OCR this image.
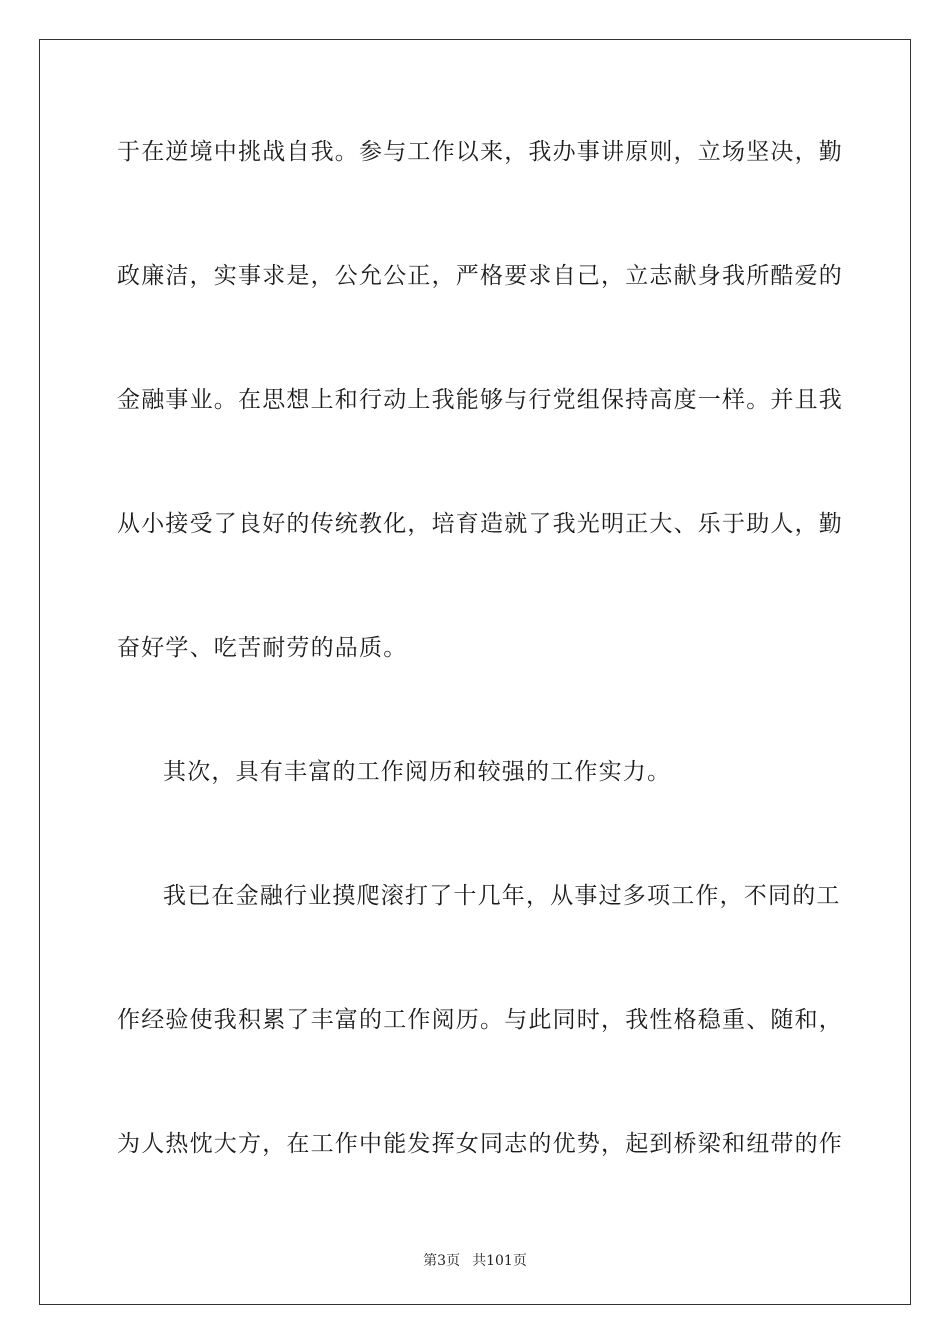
于在逆境中挑战自我。参与工作以来，我办事讲原则，立场坚决，勤
政廉洁，实事求是，公允公正，严格要求自己，立志献身我所酷爱的
金融事业。在思想上和行动上我能够与行党组保持高度一样。并且我
从小接受了良好的传统教化，培育造就了我光明正大、乐于助人，勤
奋好学、吃苦耐劳的品质。
其次，具有丰富的工作阅历和较强的工作实力。
我已在金融行业摸爬滚打了十几年，从事过多项工作，不同的工
作经验使我积累了丰富的工作阅历。与此同时，我性格稳重、随和，
为人热忱大方，在工作中能发挥女同志的优势，起到桥梁和纽带的作
第3页 共101页
